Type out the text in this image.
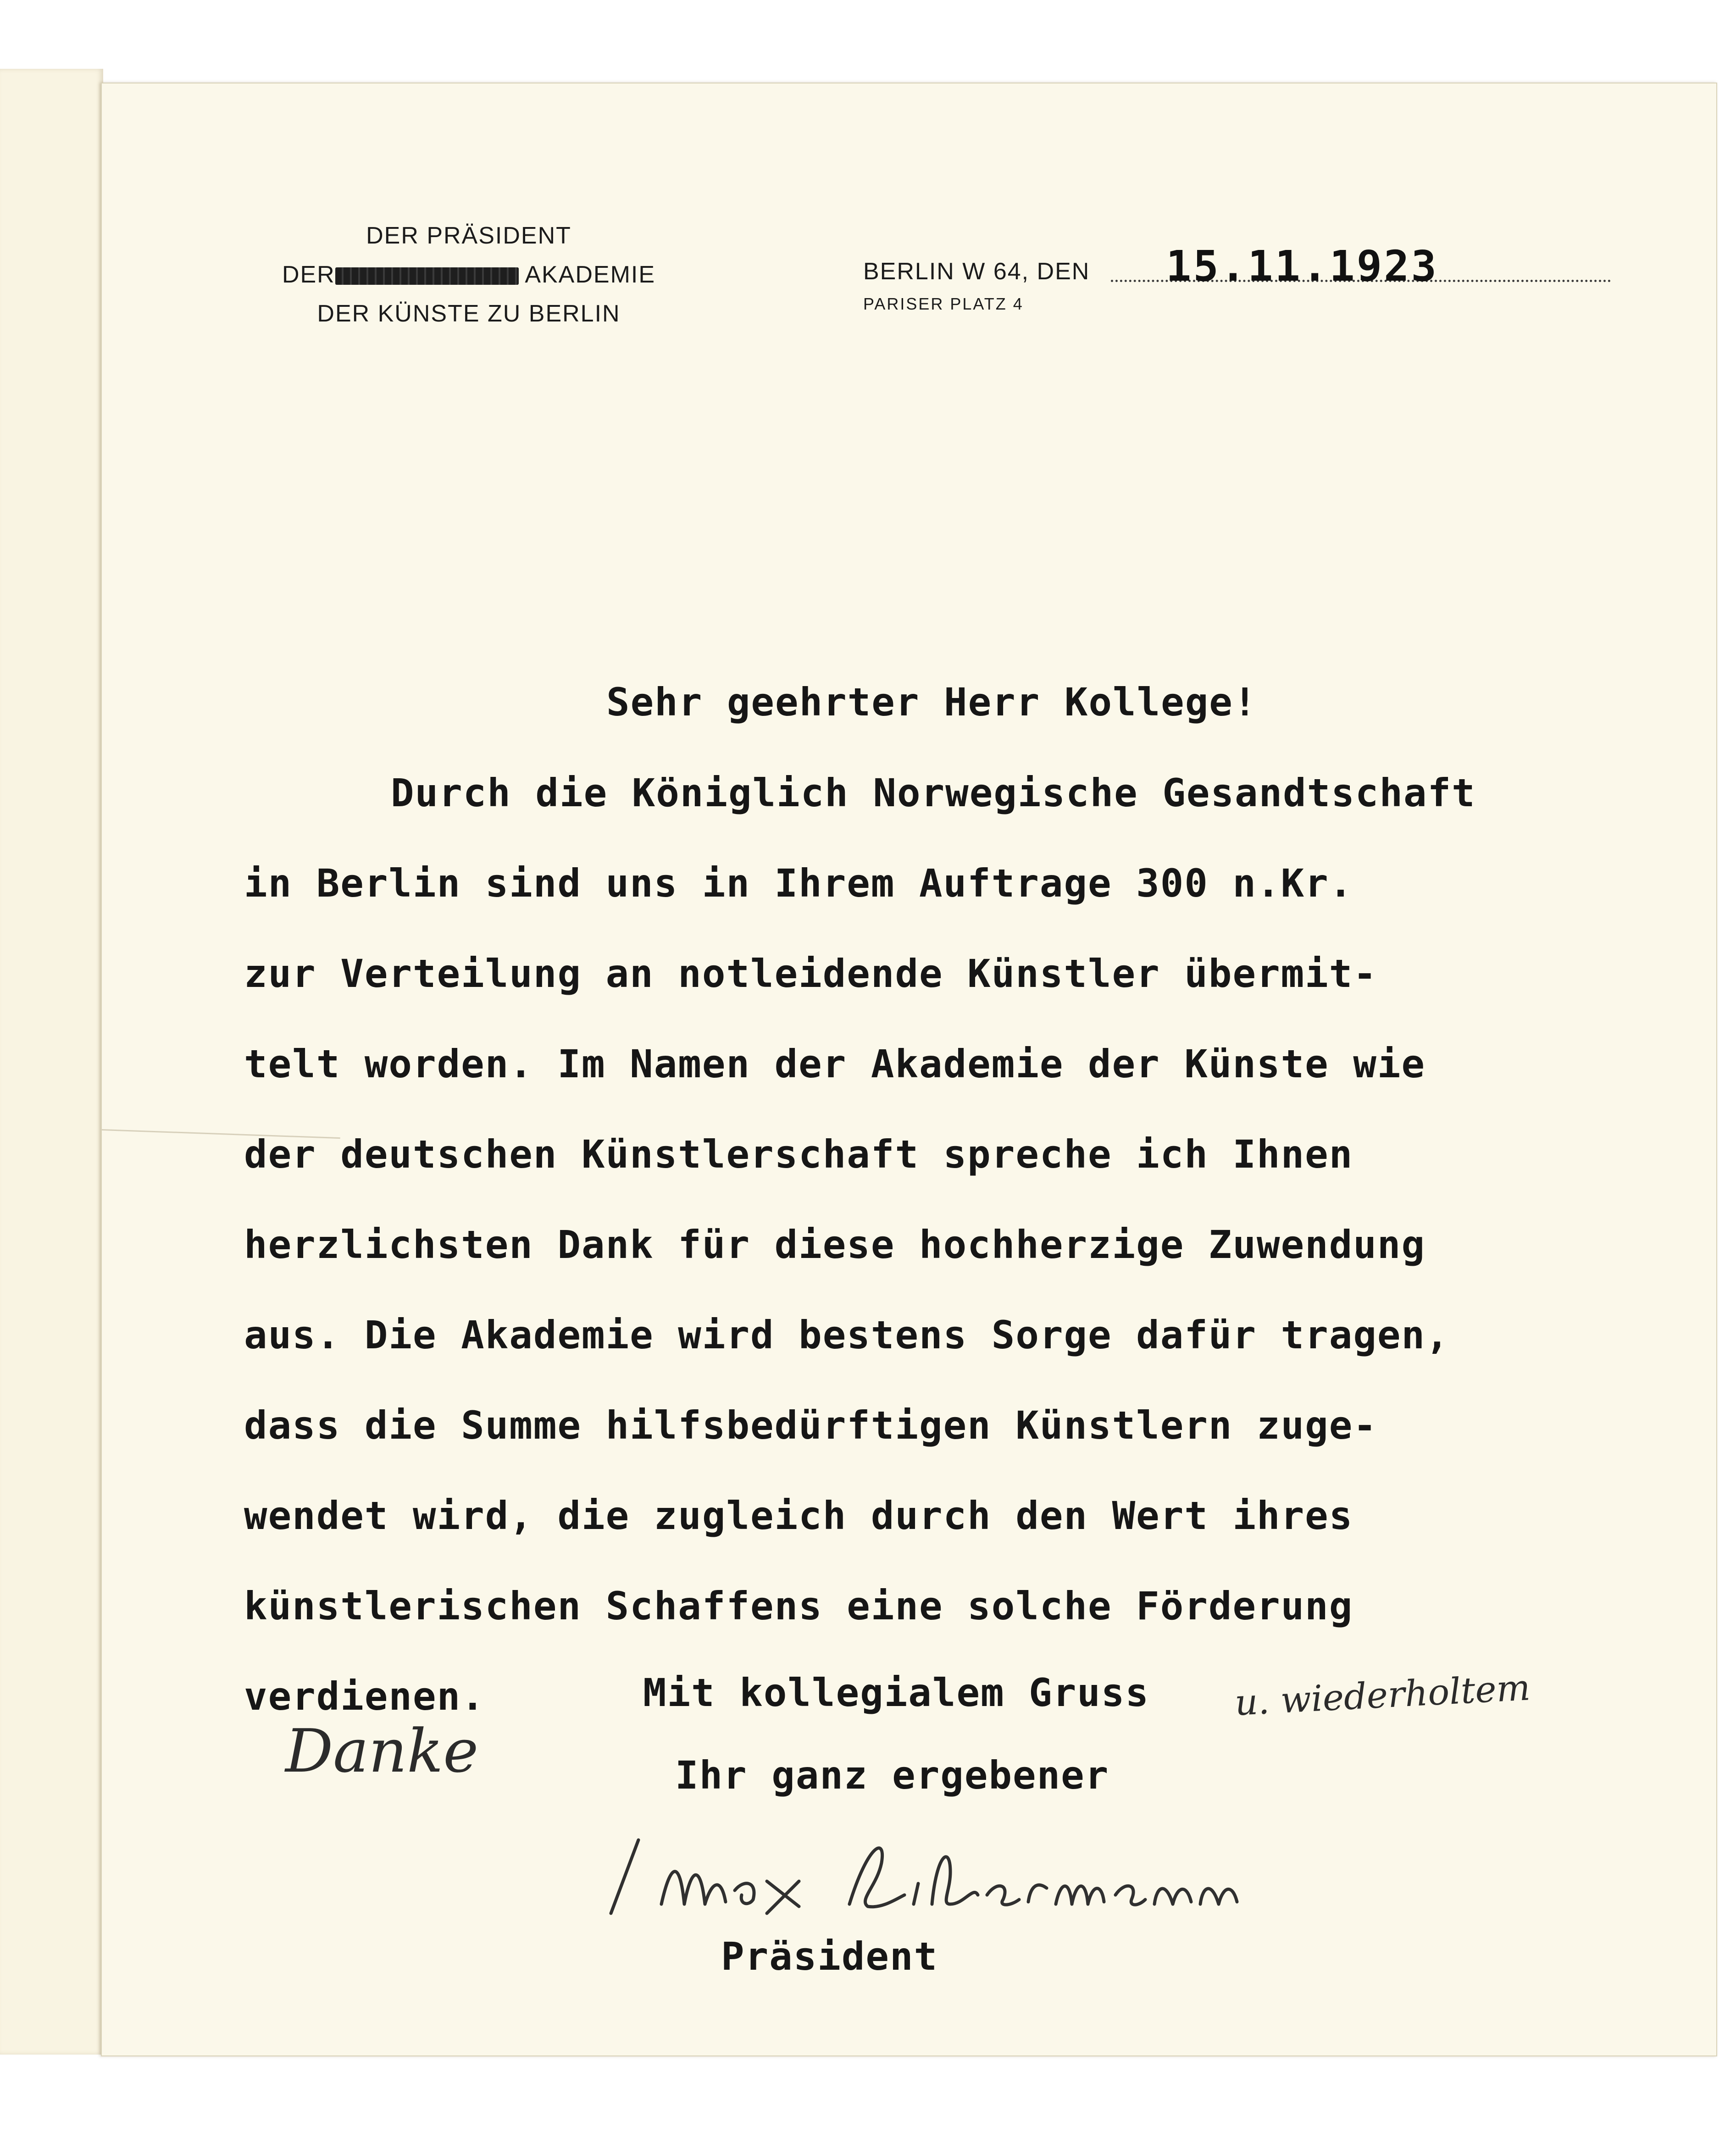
DER PRÄSIDENT
DER	AKADEMIE
DER KÜNSTE ZU BERLIN
BERLIN W 64, DEN
PARISER PLATZ 4
15.11.1923
Sehr geehrter Herr Kollege!
Durch die Königlich Norwegische Gesandtschaft
in Berlin sind uns in Ihrem Auftrage 300 n.Kr.
zur Verteilung an notleidende Künstler übermit-
telt worden. Im Namen der Akademie der Künste wie
der deutschen Künstlerschaft spreche ich Ihnen
herzlichsten Dank für diese hochherzige Zuwendung
aus. Die Akademie wird bestens Sorge dafür tragen,
dass die Summe hilfsbedürftigen Künstlern zuge-
wendet wird, die zugleich durch den Wert ihres
künstlerischen Schaffens eine solche Förderung
verdienen.	Mit kollegialem Gruss u. wiederholtem
Danke	Ihr ganz ergebener
Präsident
